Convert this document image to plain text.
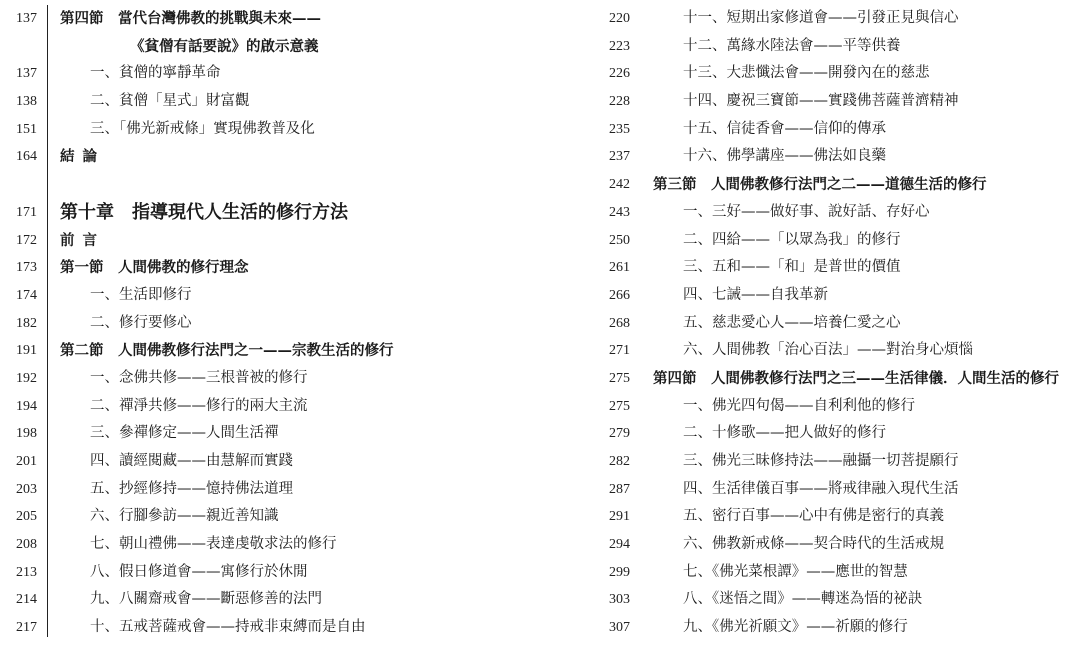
137 第四節　當代台灣佛教的挑戰與未來——
《貧僧有話要說》的啟示意義
137	一、貧僧的寧靜革命
138	二、貧僧「星式」財富觀
151	三、「佛光新戒條」實現佛教普及化
164 結論
171 第十章　指導現代人生活的修行方法
172 前言
173 第一節　人間佛教的修行理念
174	一、生活即修行
182	二、修行要修心
191 第二節　人間佛教修行法門之一——宗教生活的修行
192	一、念佛共修——三根普被的修行
194	二、禪淨共修——修行的兩大主流
198	三、參禪修定——人間生活禪
201	四、讀經閱藏——由慧解而實踐
203	五、抄經修持——憶持佛法道理
205	六、行腳參訪——親近善知識
208	七、朝山禮佛——表達虔敬求法的修行
213	八、假日修道會——寓修行於休閒
214	九、八關齋戒會——斷惡修善的法門
217	十、五戒菩薩戒會——持戒非束縛而是自由
220	十一、短期出家修道會——引發正見與信心
223	十二、萬緣水陸法會——平等供養
226	十三、大悲懺法會——開發內在的慈悲
228	十四、慶祝三寶節——實踐佛菩薩普濟精神
235	十五、信徒香會——信仰的傳承
237	十六、佛學講座——佛法如良藥
242 第三節　人間佛教修行法門之二——道德生活的修行
243	一、三好——做好事、說好話、存好心
250	二、四給——「以眾為我」的修行
261	三、五和——「和」是普世的價值
266	四、七誡——自我革新
268	五、慈悲愛心人——培養仁愛之心
271	六、人間佛教「治心百法」——對治身心煩惱
275 第四節　人間佛教修行法門之三——生活律儀．人間生活的修行
275	一、佛光四句偈——自利利他的修行
279	二、十修歌——把人做好的修行
282	三、佛光三昧修持法——融攝一切菩提願行
287	四、生活律儀百事——將戒律融入現代生活
291	五、密行百事——心中有佛是密行的真義
294	六、佛教新戒條——契合時代的生活戒規
299	七、《佛光菜根譚》——應世的智慧
303	八、《迷悟之間》——轉迷為悟的祕訣
307	九、《佛光祈願文》——祈願的修行
